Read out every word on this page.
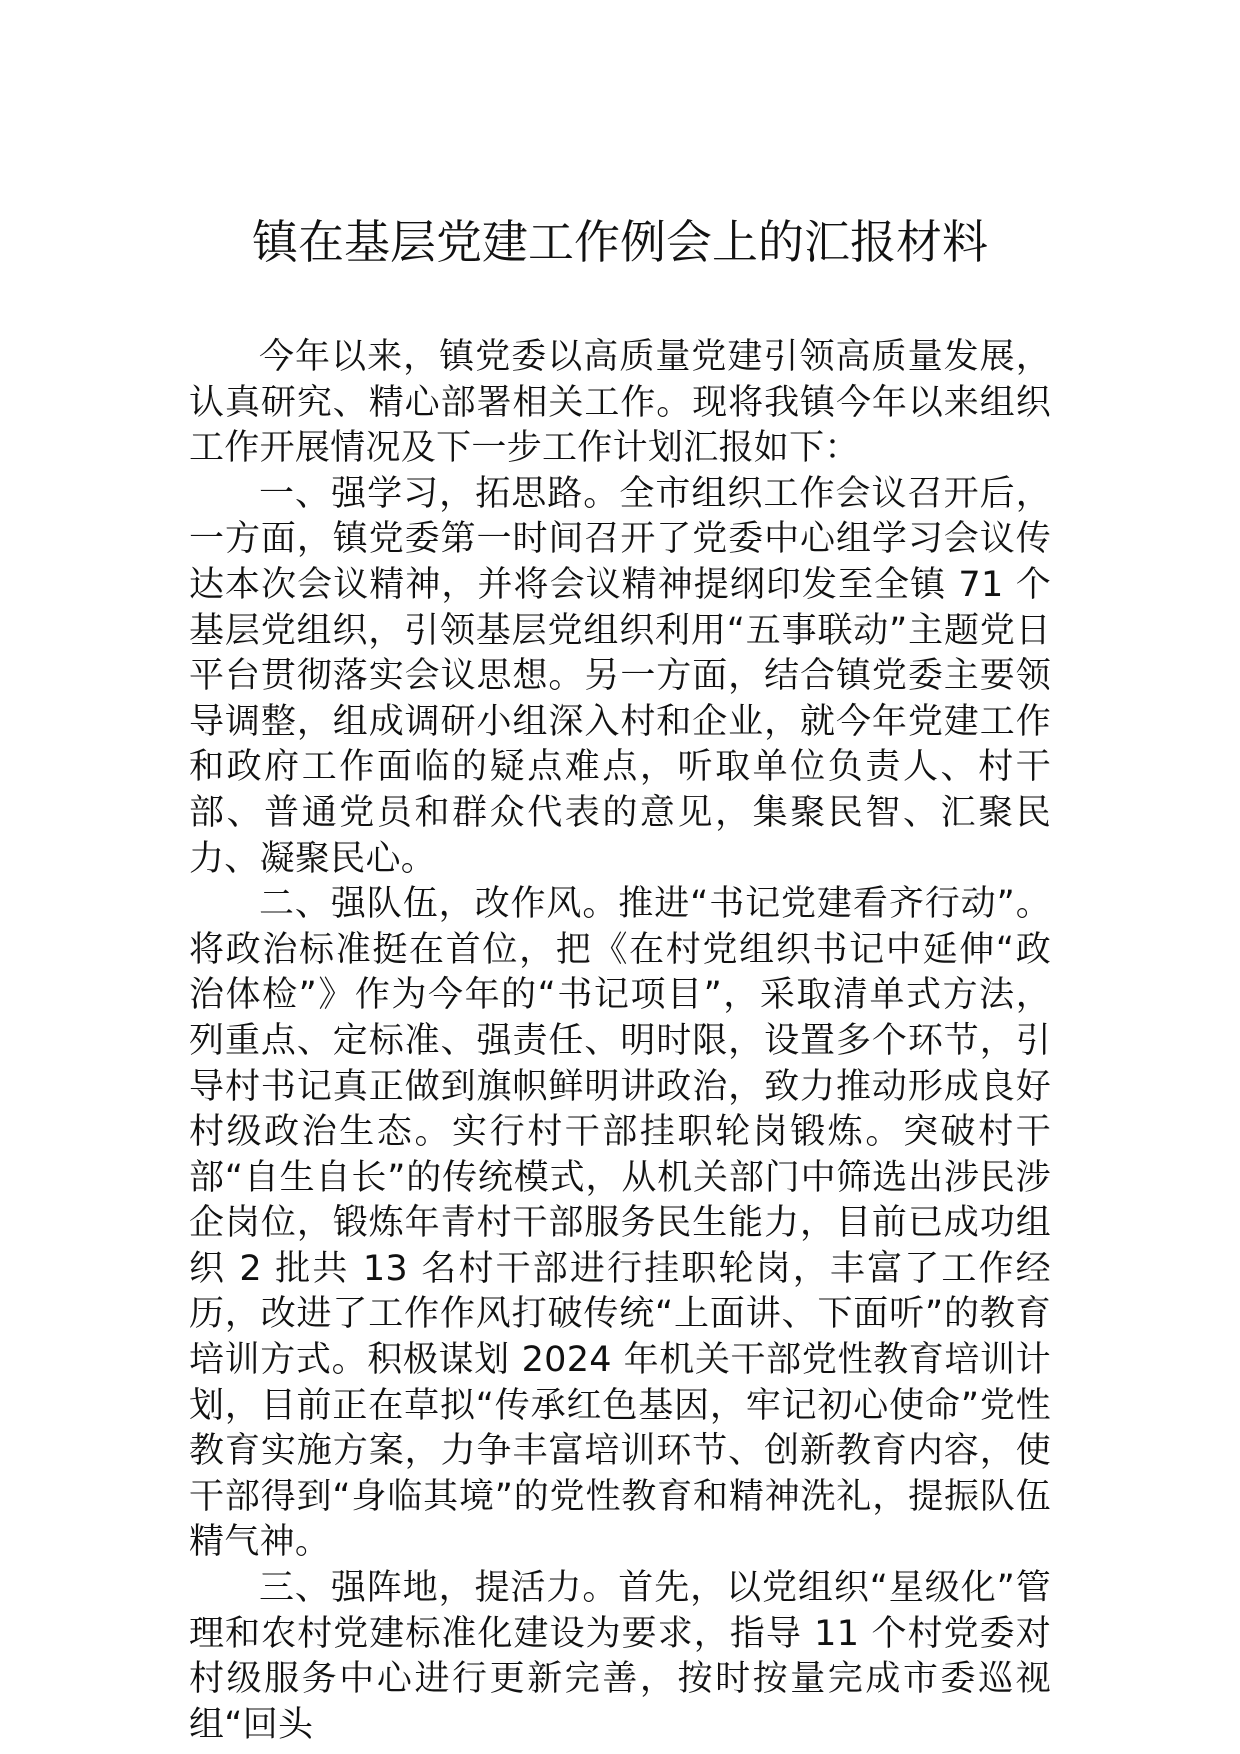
镇在基层党建工作例会上的汇报材料

今年以来，镇党委以高质量党建引领高质量发展，认真研究、精心部署相关工作。现将我镇今年以来组织工作开展情况及下一步工作计划汇报如下：

一、强学习，拓思路。全市组织工作会议召开后，一方面，镇党委第一时间召开了党委中心组学习会议传达本次会议精神，并将会议精神提纲印发至全镇 71 个基层党组织，引领基层党组织利用“五事联动”主题党日平台贯彻落实会议思想。另一方面，结合镇党委主要领导调整，组成调研小组深入村和企业，就今年党建工作和政府工作面临的疑点难点，听取单位负责人、村干部、普通党员和群众代表的意见，集聚民智、汇聚民力、凝聚民心。

二、强队伍，改作风。推进“书记党建看齐行动”。将政治标准挺在首位，把《在村党组织书记中延伸“政治体检”》作为今年的“书记项目”，采取清单式方法，列重点、定标准、强责任、明时限，设置多个环节，引导村书记真正做到旗帜鲜明讲政治，致力推动形成良好村级政治生态。实行村干部挂职轮岗锻炼。突破村干部“自生自长”的传统模式，从机关部门中筛选出涉民涉企岗位，锻炼年青村干部服务民生能力，目前已成功组织 2 批共 13 名村干部进行挂职轮岗，丰富了工作经历，改进了工作作风打破传统“上面讲、下面听”的教育培训方式。积极谋划 2024 年机关干部党性教育培训计划，目前正在草拟“传承红色基因，牢记初心使命”党性教育实施方案，力争丰富培训环节、创新教育内容，使干部得到“身临其境”的党性教育和精神洗礼，提振队伍精气神。

三、强阵地，提活力。首先，以党组织“星级化”管理和农村党建标准化建设为要求，指导 11 个村党委对村级服务中心进行更新完善，按时按量完成市委巡视组“回头
